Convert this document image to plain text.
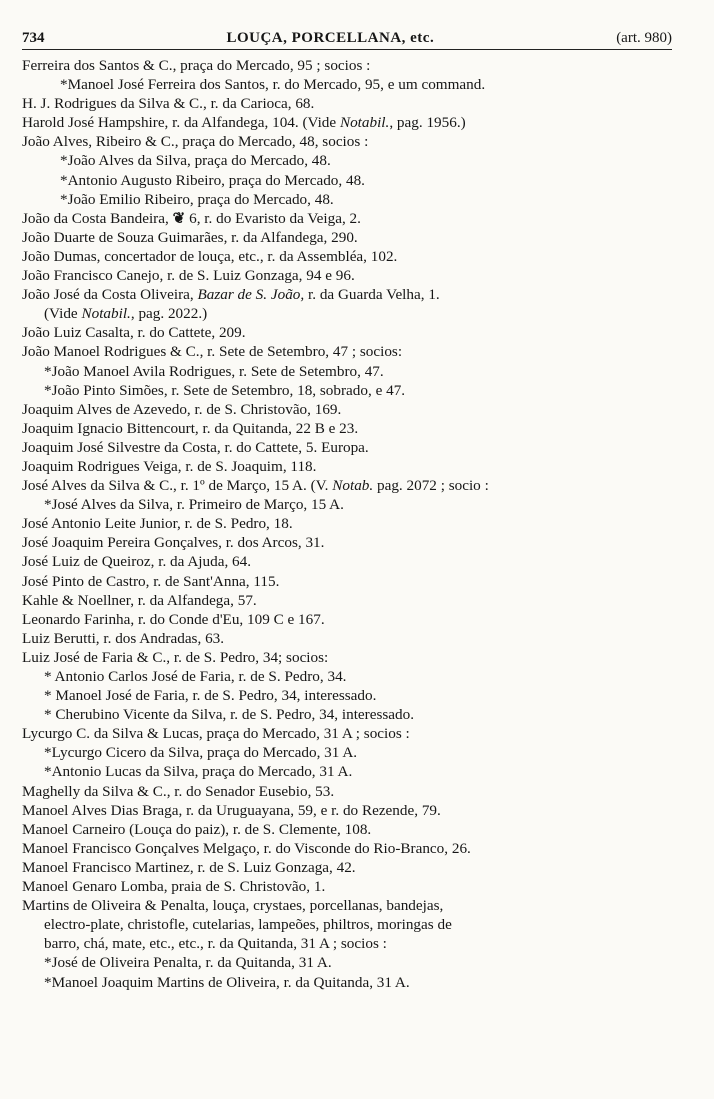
734	LOUÇA, PORCELLANA, etc.	(art. 980)
Ferreira dos Santos & C., praça do Mercado, 95 ; socios :
*Manoel José Ferreira dos Santos, r. do Mercado, 95, e um command.
H. J. Rodrigues da Silva & C., r. da Carioca, 68.
Harold José Hampshire, r. da Alfandega, 104. (Vide Notabil., pag. 1956.)
João Alves, Ribeiro & C., praça do Mercado, 48, socios :
*João Alves da Silva, praça do Mercado, 48.
*Antonio Augusto Ribeiro, praça do Mercado, 48.
*João Emilio Ribeiro, praça do Mercado, 48.
João da Costa Bandeira, ❦ 6, r. do Evaristo da Veiga, 2.
João Duarte de Souza Guimarães, r. da Alfandega, 290.
João Dumas, concertador de louça, etc., r. da Assembléa, 102.
João Francisco Canejo, r. de S. Luiz Gonzaga, 94 e 96.
João José da Costa Oliveira, Bazar de S. João, r. da Guarda Velha, 1.
(Vide Notabil., pag. 2022.)
João Luiz Casalta, r. do Cattete, 209.
João Manoel Rodrigues & C., r. Sete de Setembro, 47 ; socios:
*João Manoel Avila Rodrigues, r. Sete de Setembro, 47.
*João Pinto Simões, r. Sete de Setembro, 18, sobrado, e 47.
Joaquim Alves de Azevedo, r. de S. Christovão, 169.
Joaquim Ignacio Bittencourt, r. da Quitanda, 22 B e 23.
Joaquim José Silvestre da Costa, r. do Cattete, 5. Europa.
Joaquim Rodrigues Veiga, r. de S. Joaquim, 118.
José Alves da Silva & C., r. 1º de Março, 15 A. (V. Notab. pag. 2072 ; socio :
*José Alves da Silva, r. Primeiro de Março, 15 A.
José Antonio Leite Junior, r. de S. Pedro, 18.
José Joaquim Pereira Gonçalves, r. dos Arcos, 31.
José Luiz de Queiroz, r. da Ajuda, 64.
José Pinto de Castro, r. de Sant'Anna, 115.
Kahle & Noellner, r. da Alfandega, 57.
Leonardo Farinha, r. do Conde d'Eu, 109 C e 167.
Luiz Berutti, r. dos Andradas, 63.
Luiz José de Faria & C., r. de S. Pedro, 34; socios:
* Antonio Carlos José de Faria, r. de S. Pedro, 34.
* Manoel José de Faria, r. de S. Pedro, 34, interessado.
* Cherubino Vicente da Silva, r. de S. Pedro, 34, interessado.
Lycurgo C. da Silva & Lucas, praça do Mercado, 31 A ; socios :
*Lycurgo Cicero da Silva, praça do Mercado, 31 A.
*Antonio Lucas da Silva, praça do Mercado, 31 A.
Maghelly da Silva & C., r. do Senador Eusebio, 53.
Manoel Alves Dias Braga, r. da Uruguayana, 59, e r. do Rezende, 79.
Manoel Carneiro (Louça do paiz), r. de S. Clemente, 108.
Manoel Francisco Gonçalves Melgaço, r. do Visconde do Rio-Branco, 26.
Manoel Francisco Martinez, r. de S. Luiz Gonzaga, 42.
Manoel Genaro Lomba, praia de S. Christovão, 1.
Martins de Oliveira & Penalta, louça, crystaes, porcellanas, bandejas,
electro-plate, christofle, cutelarias, lampeões, philtros, moringas de
barro, chá, mate, etc., etc., r. da Quitanda, 31 A ; socios :
*José de Oliveira Penalta, r. da Quitanda, 31 A.
*Manoel Joaquim Martins de Oliveira, r. da Quitanda, 31 A.
